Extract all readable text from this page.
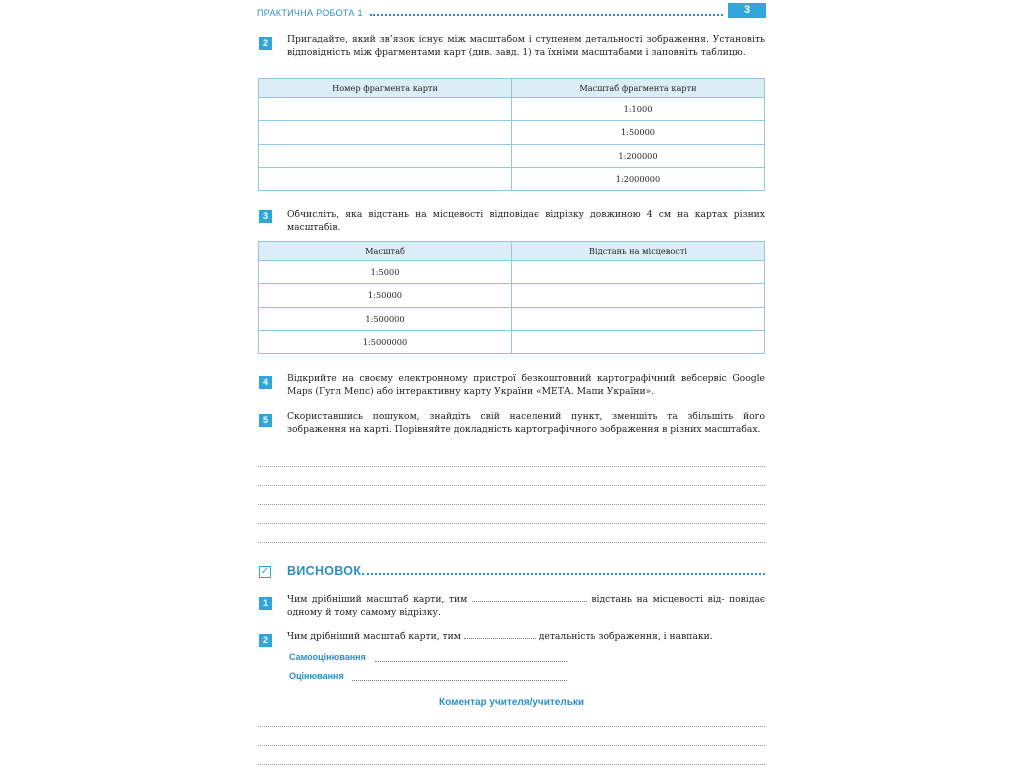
ПРАКТИЧНА РОБОТА 1	3
2	Пригадайте, який зв’язок існує між масштабом і ступенем детальності зображення. Установіть відповідність між фрагментами карт (див. завд. 1) та їхніми масштабами і заповніть таблицю.
Номер фрагмента карти	Масштаб фрагмента карти
	1:1000
	1:50000
	1:200000
	1:2000000
3	Обчисліть, яка відстань на місцевості відповідає відрізку довжиною 4 см на картах різних масштабів.
Масштаб	Відстань на місцевості
1:5000	
1:50000	
1:500000	
1:5000000	
4	Відкрийте на своєму електронному пристрої безкоштовний картографічний вебсервіс Google Maps (Гугл Мепс) або інтерактивну карту України «МЕТА. Мапи України».
5	Скориставшись пошуком, знайдіть свій населений пункт, зменшіть та збільшіть його зображення на карті. Порівняйте докладність картографічного зображення в різних масштабах.
✓ ВИСНОВОК
1	Чим дрібніший масштаб карти, тим	відстань на місцевості від- повідає одному й тому самому відрізку.
2	Чим дрібніший масштаб карти, тим	детальність зображення, і навпаки.
Самооцінювання
Оцінювання
Коментар учителя/учительки
